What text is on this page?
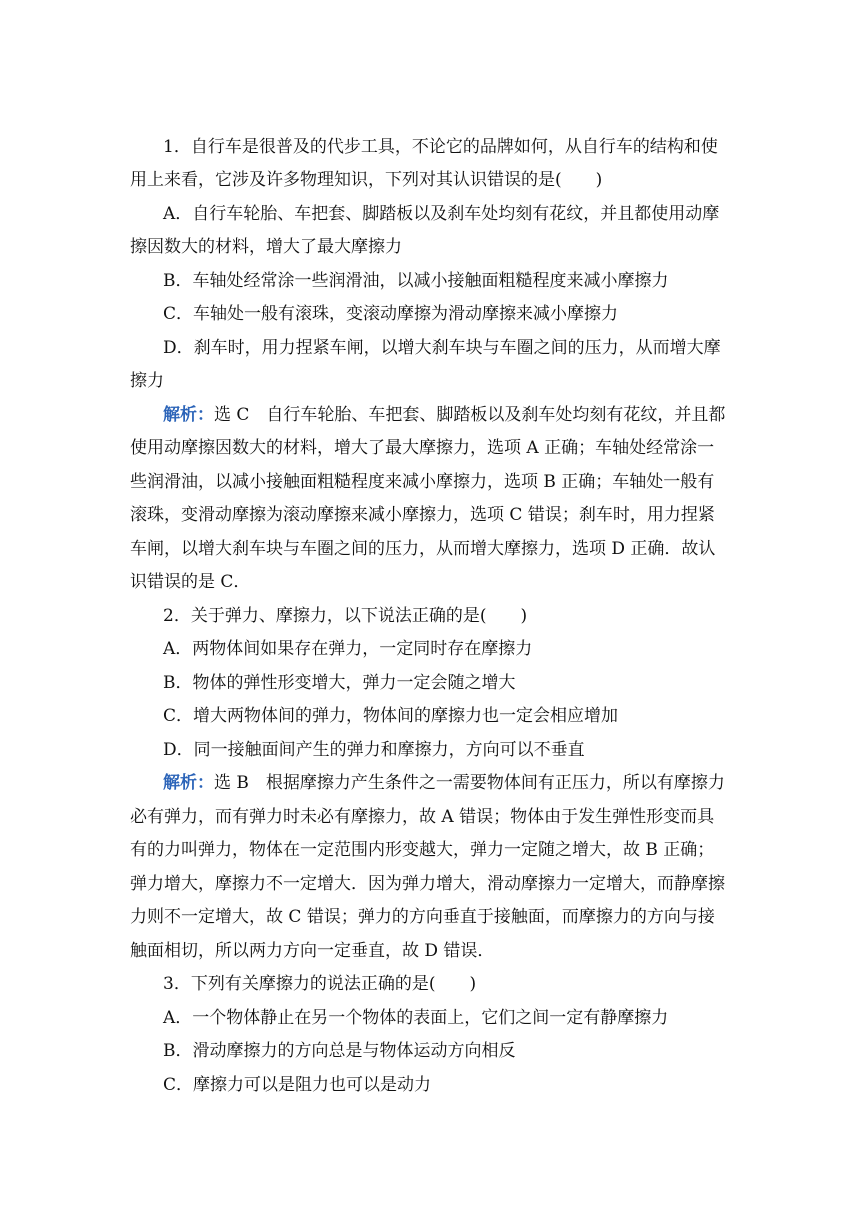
1．自行车是很普及的代步工具，不论它的品牌如何，从自行车的结构和使
用上来看，它涉及许多物理知识，下列对其认识错误的是(　　)
A．自行车轮胎、车把套、脚踏板以及刹车处均刻有花纹，并且都使用动摩
擦因数大的材料，增大了最大摩擦力
B．车轴处经常涂一些润滑油，以减小接触面粗糙程度来减小摩擦力
C．车轴处一般有滚珠，变滚动摩擦为滑动摩擦来减小摩擦力
D．刹车时，用力捏紧车闸，以增大刹车块与车圈之间的压力，从而增大摩
擦力
解析：选 C　自行车轮胎、车把套、脚踏板以及刹车处均刻有花纹，并且都
使用动摩擦因数大的材料，增大了最大摩擦力，选项 A 正确；车轴处经常涂一
些润滑油，以减小接触面粗糙程度来减小摩擦力，选项 B 正确；车轴处一般有
滚珠，变滑动摩擦为滚动摩擦来减小摩擦力，选项 C 错误；刹车时，用力捏紧
车闸，以增大刹车块与车圈之间的压力，从而增大摩擦力，选项 D 正确．故认
识错误的是 C．
2．关于弹力、摩擦力，以下说法正确的是(　　)
A．两物体间如果存在弹力，一定同时存在摩擦力
B．物体的弹性形变增大，弹力一定会随之增大
C．增大两物体间的弹力，物体间的摩擦力也一定会相应增加
D．同一接触面间产生的弹力和摩擦力，方向可以不垂直
解析：选 B　根据摩擦力产生条件之一需要物体间有正压力，所以有摩擦力
必有弹力，而有弹力时未必有摩擦力，故 A 错误；物体由于发生弹性形变而具
有的力叫弹力，物体在一定范围内形变越大，弹力一定随之增大，故 B 正确；
弹力增大，摩擦力不一定增大．因为弹力增大，滑动摩擦力一定增大，而静摩擦
力则不一定增大，故 C 错误；弹力的方向垂直于接触面，而摩擦力的方向与接
触面相切，所以两力方向一定垂直，故 D 错误．
3．下列有关摩擦力的说法正确的是(　　)
A．一个物体静止在另一个物体的表面上，它们之间一定有静摩擦力
B．滑动摩擦力的方向总是与物体运动方向相反
C．摩擦力可以是阻力也可以是动力
